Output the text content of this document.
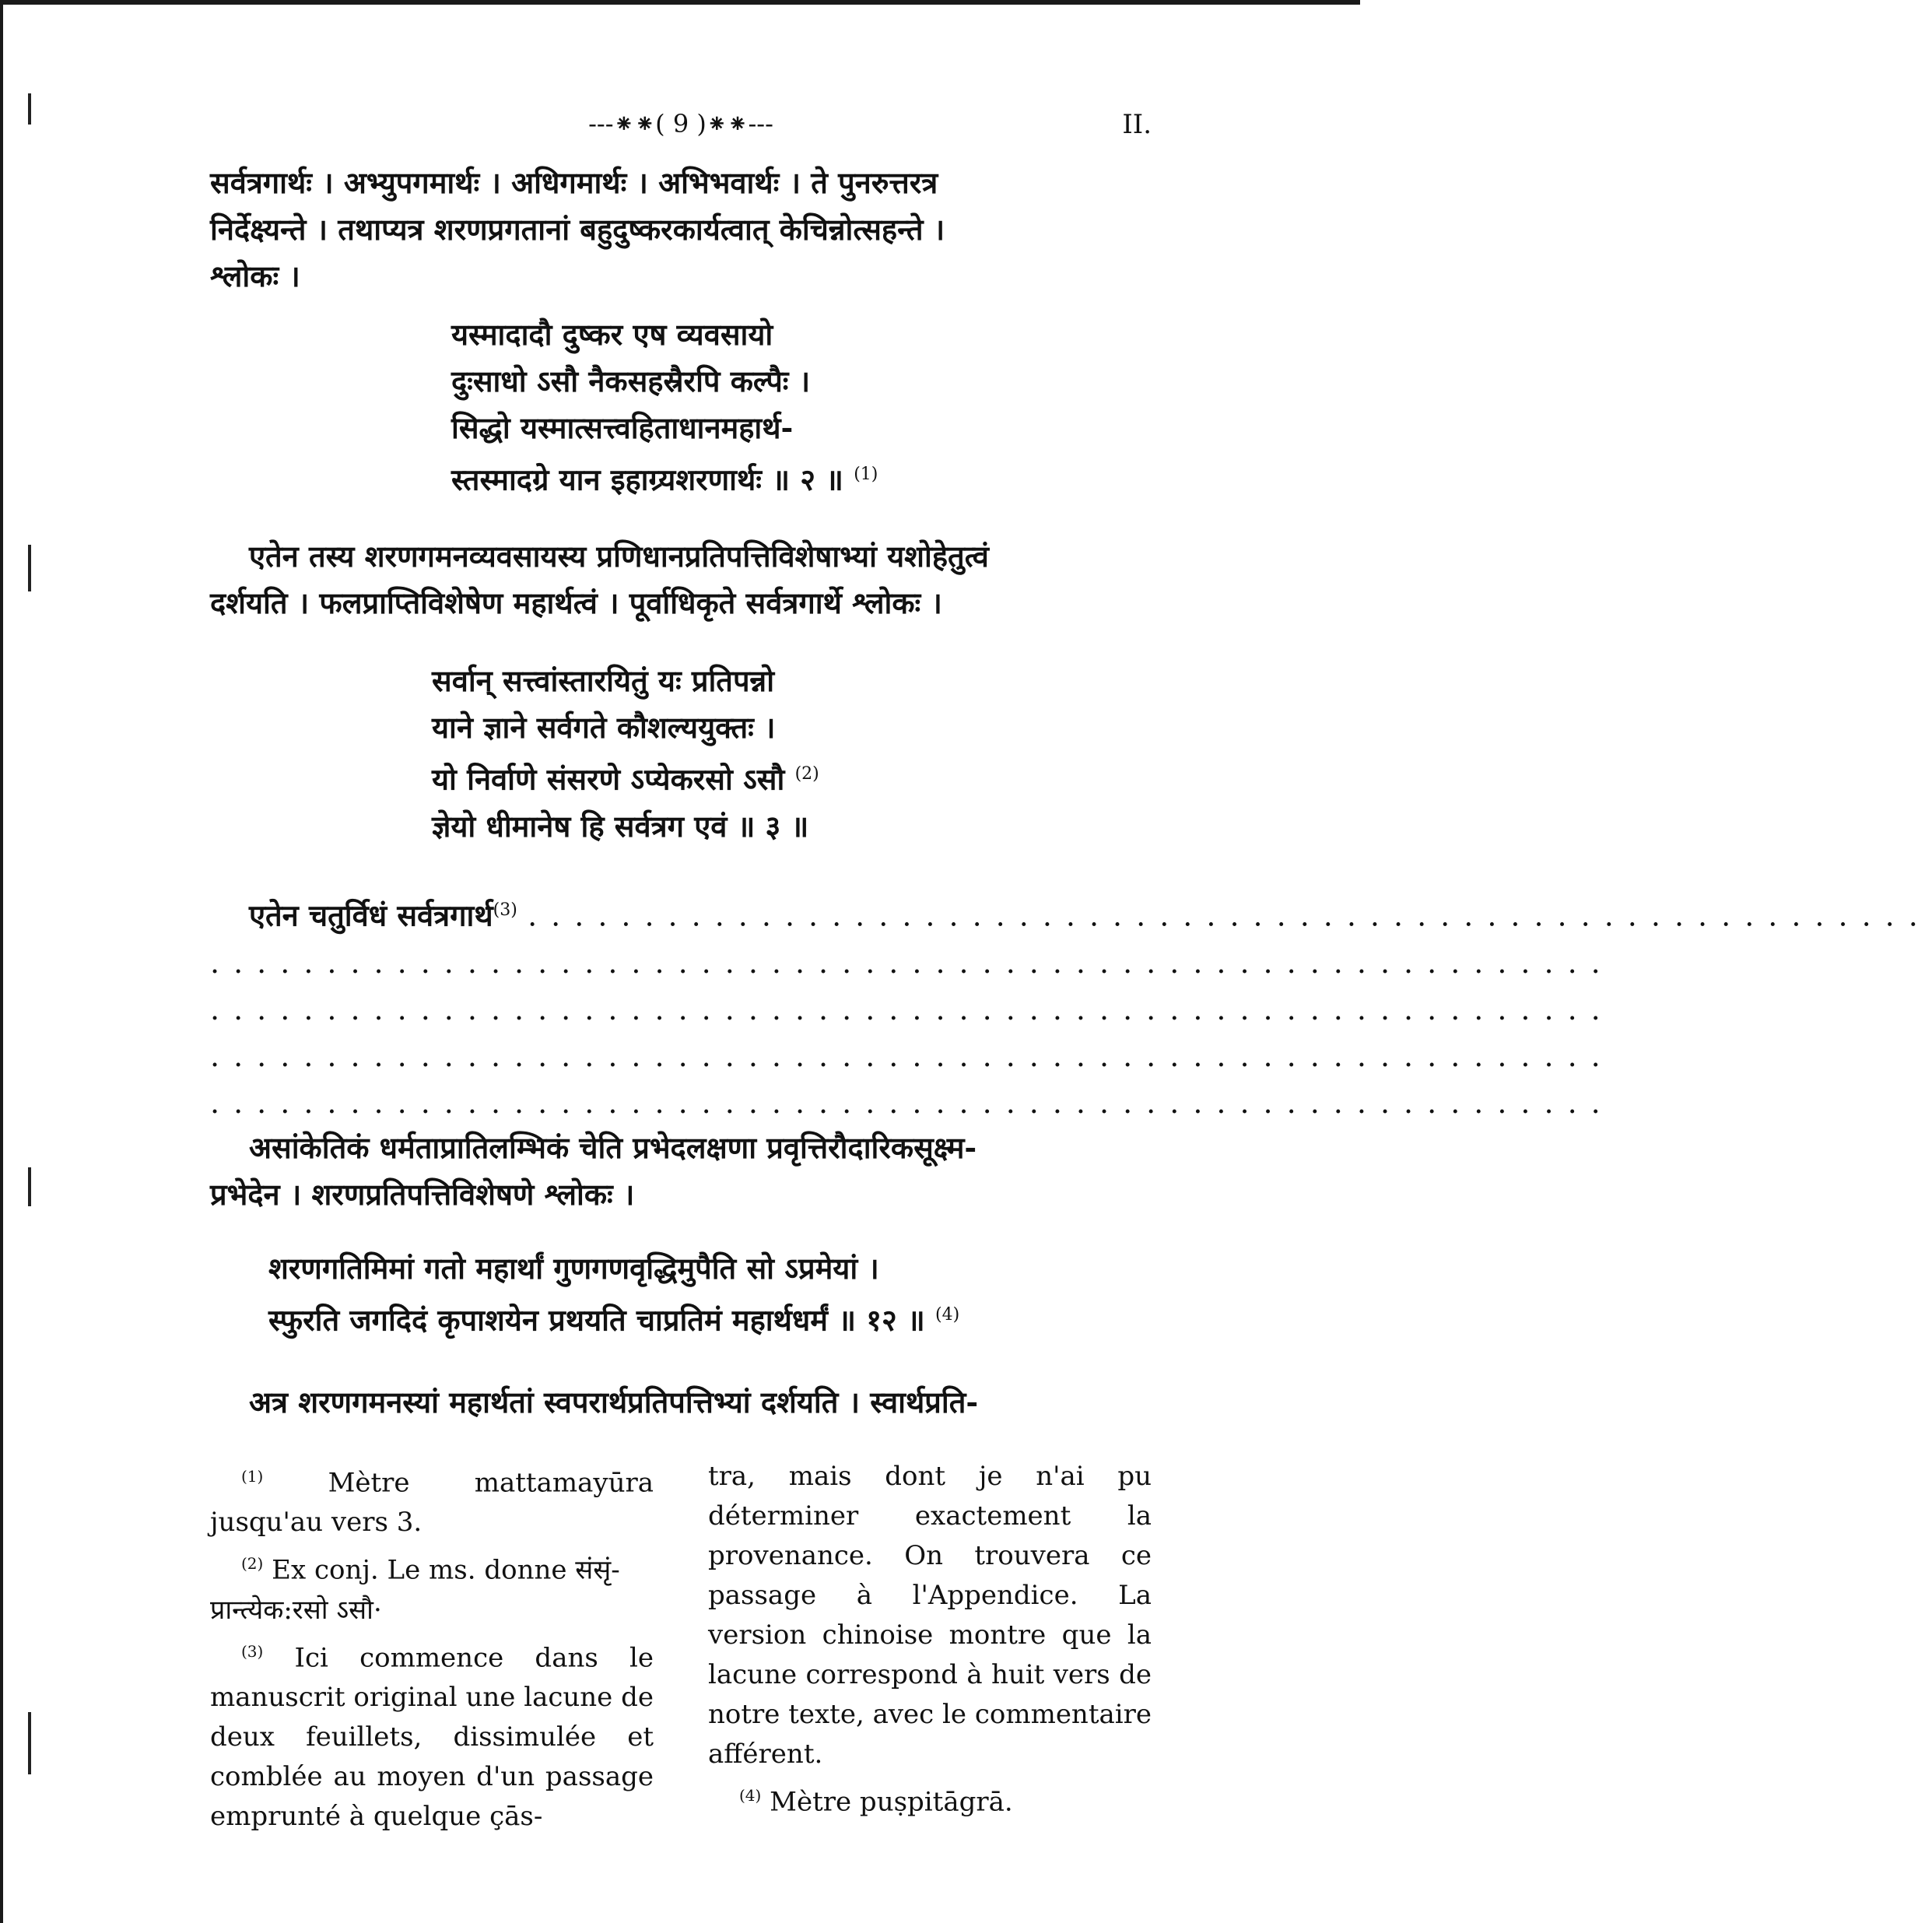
---⁕⁕( 9 )⁕⁕---	II.
सर्वत्रगार्थः । अभ्युपगमार्थः । अधिगमार्थः । अभिभवार्थः । ते पुनरुत्तरत्र
निर्देक्ष्यन्ते । तथाप्यत्र शरणप्रगतानां बहुदुष्करकार्यत्वात् केचिन्नोत्सहन्ते ।
श्लोकः ।
यस्मादादौ दुष्कर एष व्यवसायो
दुःसाधो ऽसौ नैकसहस्रैरपि कल्पैः ।
सिद्धो यस्मात्सत्त्वहिताधानमहार्थ-
स्तस्मादग्रे यान इहाग्र्यशरणार्थः ॥ २ ॥ $^{(1)}$
एतेन तस्य शरणगमनव्यवसायस्य प्रणिधानप्रतिपत्तिविशेषाभ्यां यशोहेतुत्वं
दर्शयति । फलप्राप्तिविशेषेण महार्थत्वं । पूर्वाधिकृते सर्वत्रगार्थे श्लोकः ।
सर्वान् सत्त्वांस्तारयितुं यः प्रतिपन्नो
याने ज्ञाने सर्वगते कौशल्ययुक्तः ।
यो निर्वाणे संसरणे ऽप्येकरसो ऽसौ $^{(2)}$
ज्ञेयो धीमानेष हि सर्वत्रग एवं ॥ ३ ॥
एतेन चतुर्विधं सर्वत्रगार्थ$^{(3)}$ ............................................................
............................................................
............................................................
............................................................
............................................................
असांकेतिकं धर्मताप्रातिलम्भिकं चेति प्रभेदलक्षणा प्रवृत्तिरौदारिकसूक्ष्म-
प्रभेदेन । शरणप्रतिपत्तिविशेषणे श्लोकः ।
शरणगतिमिमां गतो महार्थां गुणगणवृद्धिमुपैति सो ऽप्रमेयां ।
स्फुरति जगदिदं कृपाशयेन प्रथयति चाप्रतिमं महार्थधर्मं ॥ १२ ॥ $^{(4)}$
अत्र शरणगमनस्यां महार्थतां स्वपरार्थप्रतिपत्तिभ्यां दर्शयति । स्वार्थप्रति-

$^{(1)}$ Mètre mattamayūra jusqu'au vers 3.

$^{(2)}$ Ex conj. Le ms. donne संसृं-
प्रान्त्येक:रसो ऽसौ·

$^{(3)}$ Ici commence dans le manuscrit original une lacune de deux feuillets, dissimulée et comblée au moyen d'un passage emprunté à quelque çās-

tra, mais dont je n'ai pu déterminer exactement la provenance. On trouvera ce passage à l'Appendice. La version chinoise montre que la lacune correspond à huit vers de notre texte, avec le commentaire afférent.

$^{(4)}$ Mètre puṣpitāgrā.
